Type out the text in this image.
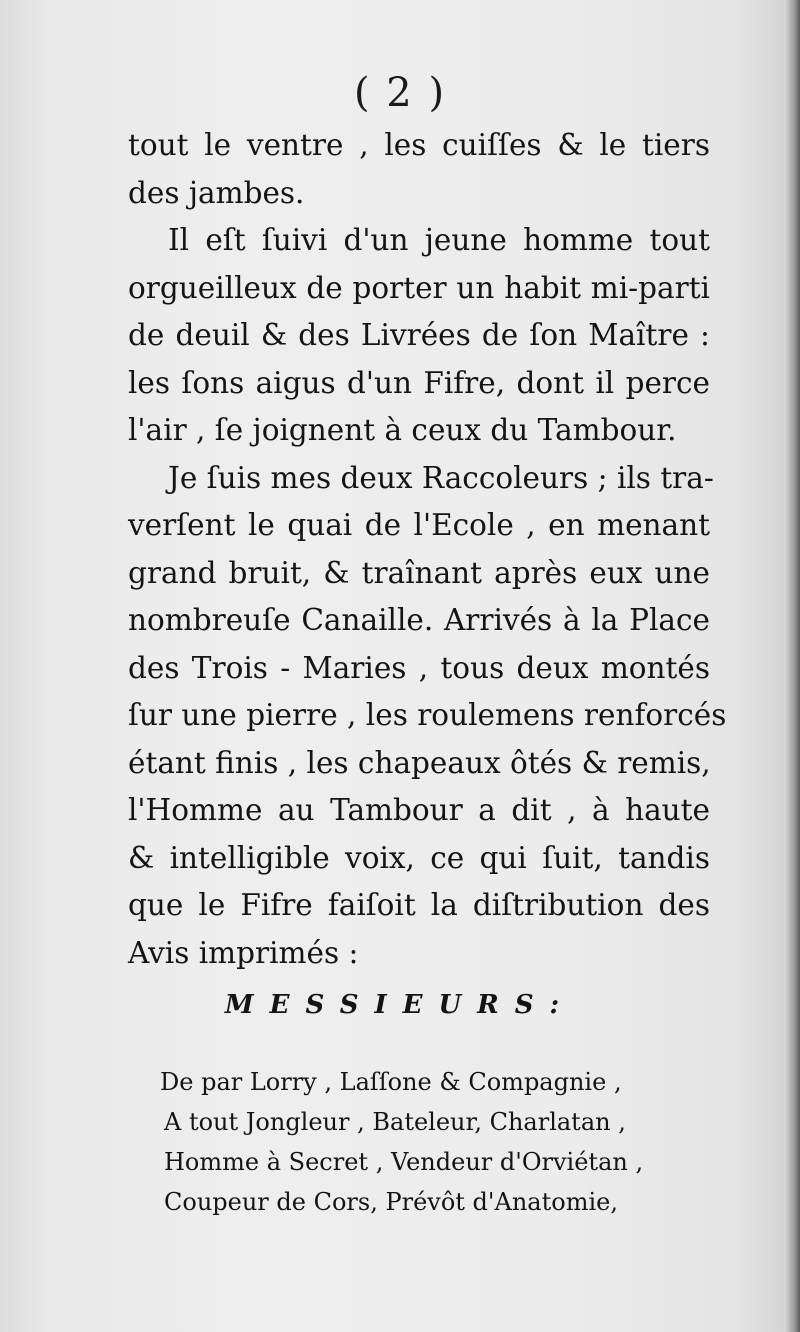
( 2 )
tout le ventre , les cuiſſes & le tiers
des jambes.
Il eſt ſuivi d'un jeune homme tout
orgueilleux de porter un habit mi-parti
de deuil & des Livrées de ſon Maître :
les ſons aigus d'un Fifre, dont il perce
l'air , ſe joignent à ceux du Tambour.
Je ſuis mes deux Raccoleurs ; ils tra-
verſent le quai de l'Ecole , en menant
grand bruit, & traînant après eux une
nombreuſe Canaille. Arrivés à la Place
des Trois - Maries , tous deux montés
ſur une pierre , les roulemens renforcés
étant finis , les chapeaux ôtés & remis,
l'Homme au Tambour a dit , à haute
& intelligible voix, ce qui ſuit, tandis
que le Fifre faiſoit la diſtribution des
Avis imprimés :
MESSIEURS:
De par Lorry , Laſſone & Compagnie ,
A tout Jongleur , Bateleur, Charlatan ,
Homme à Secret , Vendeur d'Orviétan ,
Coupeur de Cors, Prévôt d'Anatomie,
